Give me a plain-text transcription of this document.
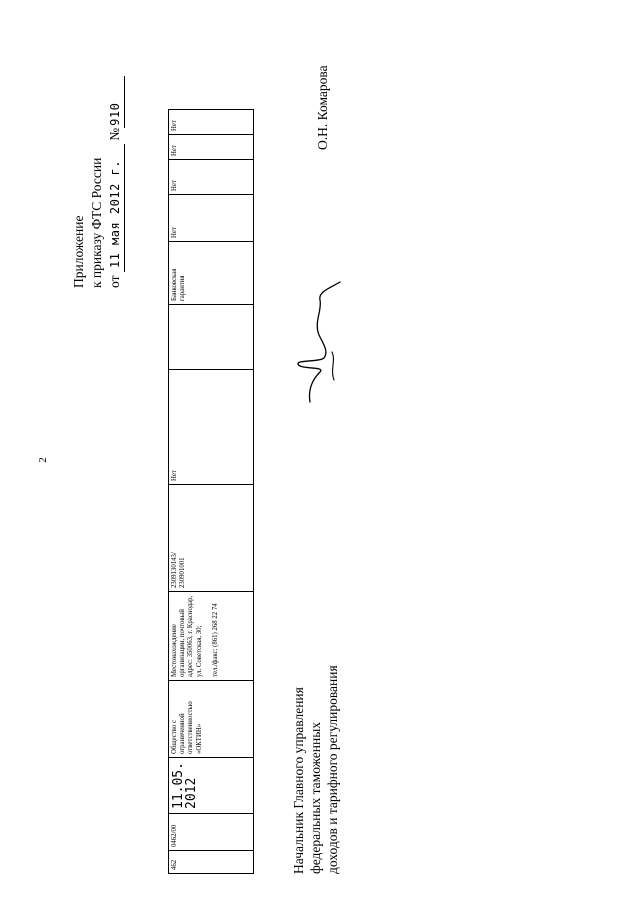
2
Приложение к приказу ФТС России от 11 мая 2012 г. №910
462	0462/00	11.05.
2012	Общество с ограниченной ответственностью «ОКТИН»	Местонахождение организации, почтовый адрес: 350063, г. Краснодар, ул. Советская, 30;

тел./факс: (861) 268 22 74	2309130143/
230901001	Нет		Банковская гарантия	Нет	Нет	Нет	Нет
Начальник Главного управления федеральных таможенных доходов и тарифного регулирования
О.Н. Комарова
